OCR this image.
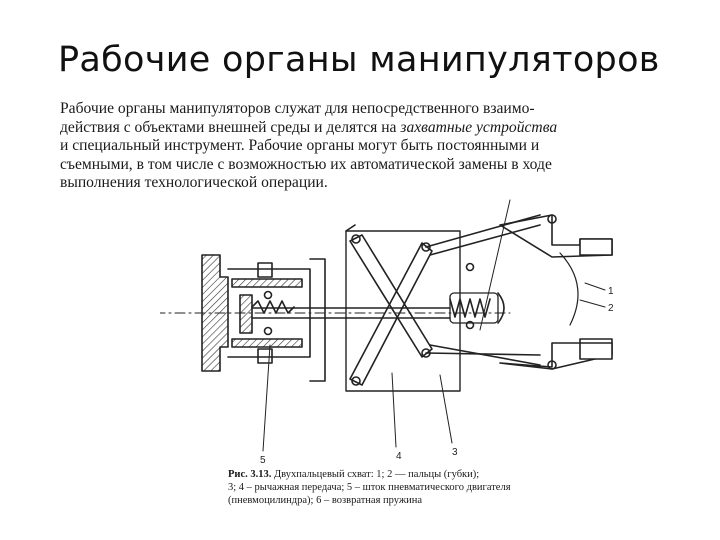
Рабочие органы манипуляторов
Рабочие органы манипуляторов служат для непосредственного взаимо-
действия с объектами внешней среды и делятся на захватные устройства
и специальный инструмент. Рабочие органы могут быть постоянными и
съемными, в том числе с возможностью их автоматической замены в ходе
выполнения технологической операции.
1
2
3
4
5
Рис. 3.13. Двухпальцевый схват: 1; 2 — пальцы (губки);
3; 4 – рычажная передача; 5 – шток пневматического двигателя
(пневмоцилиндра); 6 – возвратная пружина
